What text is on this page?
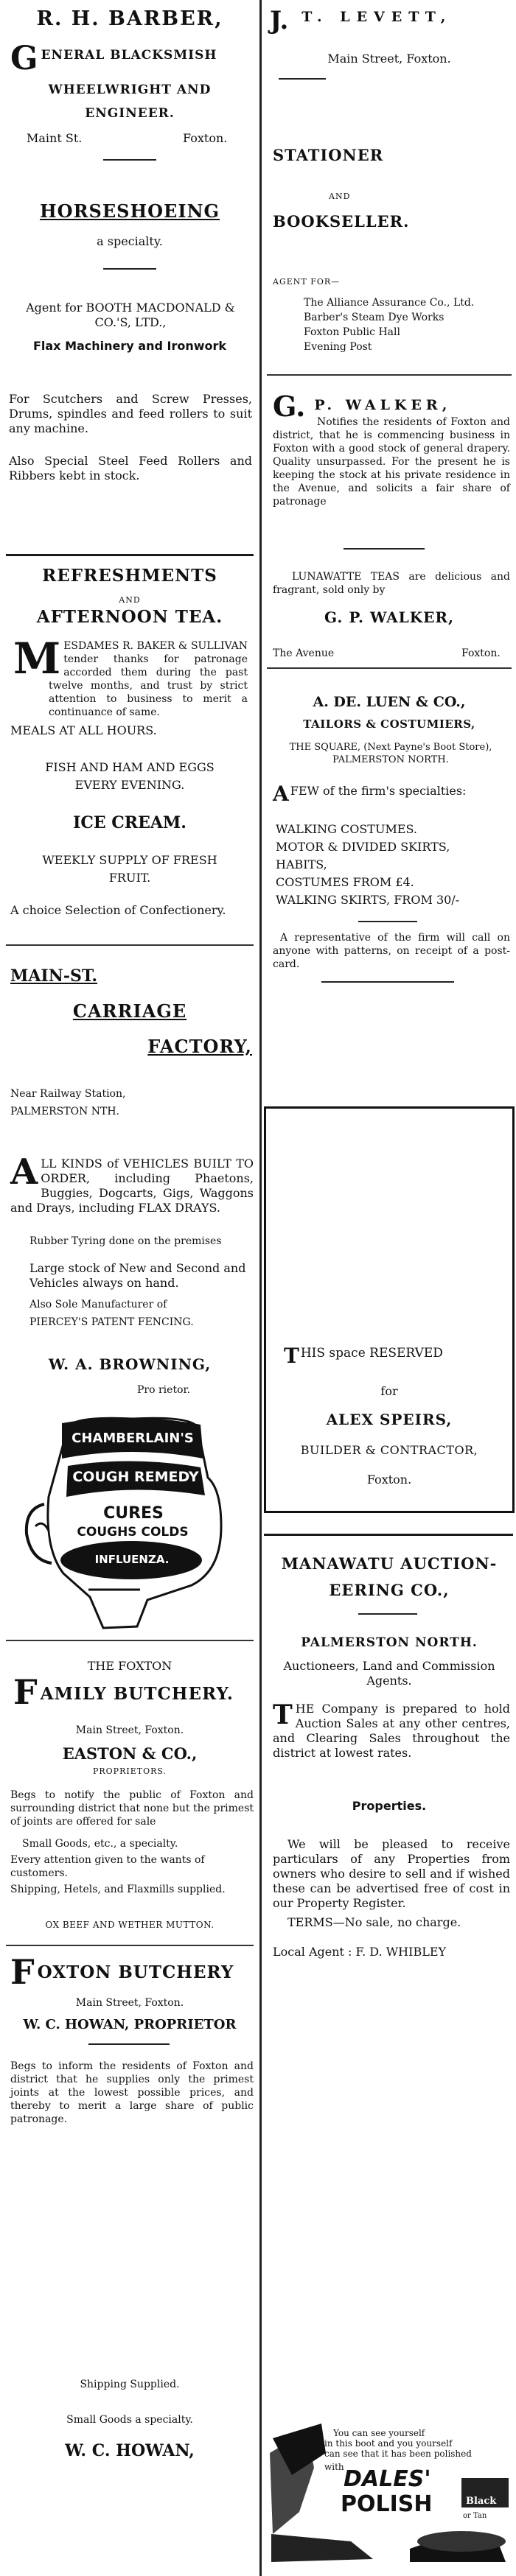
R. H. BARBER,
G ENERAL BLACKSMISH
WHEELWRIGHT AND
ENGINEER.
Maint St.	Foxton.
HORSESHOEING
a specialty.
Agent for BOOTH MACDONALD & CO.'S, LTD.,
Flax Machinery and Ironwork
For Scutchers and Screw Presses, Drums, spindles and feed rollers to suit any machine.
Also Special Steel Feed Rollers and Ribbers kebt in stock.
REFRESHMENTS
AND
AFTERNOON TEA.
M ESDAMES R. BAKER & SULLIVAN tender thanks for patronage accorded them during the past twelve months, and trust by strict attention to business to merit a continuance of same.
MEALS AT ALL HOURS.
FISH AND HAM AND EGGS
EVERY EVENING.
ICE CREAM.
WEEKLY SUPPLY OF FRESH
FRUIT.
A choice Selection of Confectionery.
MAIN-ST.
CARRIAGE
FACTORY,
Near Railway Station,
PALMERSTON NTH.
A LL KINDS of VEHICLES BUILT TO ORDER, including Phaetons, Buggies, Dogcarts, Gigs, Waggons and Drays, including FLAX DRAYS.
Rubber Tyring done on the premises
Large stock of New and Second and Vehicles always on hand.
Also Sole Manufacturer of
PIERCEY'S PATENT FENCING.
W. A. BROWNING,
Pro rietor.
CHAMBERLAIN'S
COUGH REMEDY
CURES
COUGHS COLDS
AND
INFLUENZA.
THE FOXTON
F AMILY BUTCHERY.
Main Street, Foxton.
EASTON & CO.,
PROPRIETORS.
Begs to notify the public of Foxton and surrounding district that none but the primest of joints are offered for sale
Small Goods, etc., a specialty.
Every attention given to the wants of customers.
Shipping, Hetels, and Flaxmills supplied.
OX BEEF AND WETHER MUTTON.
F OXTON BUTCHERY
Main Street, Foxton.
W. C. HOWAN, PROPRIETOR
Begs to inform the residents of Foxton and district that he supplies only the primest joints at the lowest possible prices, and thereby to merit a large share of public patronage.
Shipping Supplied.
Small Goods a specialty.
W. C. HOWAN,
J. T. LEVETT,
Main Street, Foxton.
STATIONER
AND
BOOKSELLER.
AGENT FOR—
The Alliance Assurance Co., Ltd.
Barber's Steam Dye Works
Foxton Public Hall
Evening Post
G. P. WALKER,
Notifies the residents of Foxton and district, that he is commencing business in Foxton with a good stock of general drapery. Quality unsurpassed. For the present he is keeping the stock at his private residence in the Avenue, and solicits a fair share of patronage
LUNAWATTE TEAS are delicious and fragrant, sold only by
G. P. WALKER,
The Avenue	Foxton.
A. DE. LUEN & CO.,
TAILORS & COSTUMIERS,
THE SQUARE, (Next Payne's Boot Store), PALMERSTON NORTH.
A FEW of the firm's specialties:
WALKING COSTUMES.
MOTOR & DIVIDED SKIRTS,
HABITS,
COSTUMES FROM £4.
WALKING SKIRTS, FROM 30/-
A representative of the firm will call on anyone with patterns, on receipt of a post-card.
T HIS space RESERVED
for
ALEX SPEIRS,
BUILDER & CONTRACTOR,
Foxton.
MANAWATU AUCTION-
EERING CO.,
PALMERSTON NORTH.
Auctioneers, Land and Commission Agents.
T HE Company is prepared to hold Auction Sales at any other centres, and Clearing Sales throughout the district at lowest rates.
Properties.
We will be pleased to receive particulars of any Properties from owners who desire to sell and if wished these can be advertised free of cost in our Property Register.
TERMS—No sale, no charge.
Local Agent : F. D. WHIBLEY
You can see yourself
in this boot and you yourself
can see that it has been polished
with DALES'
POLISH	Black
or Tan
